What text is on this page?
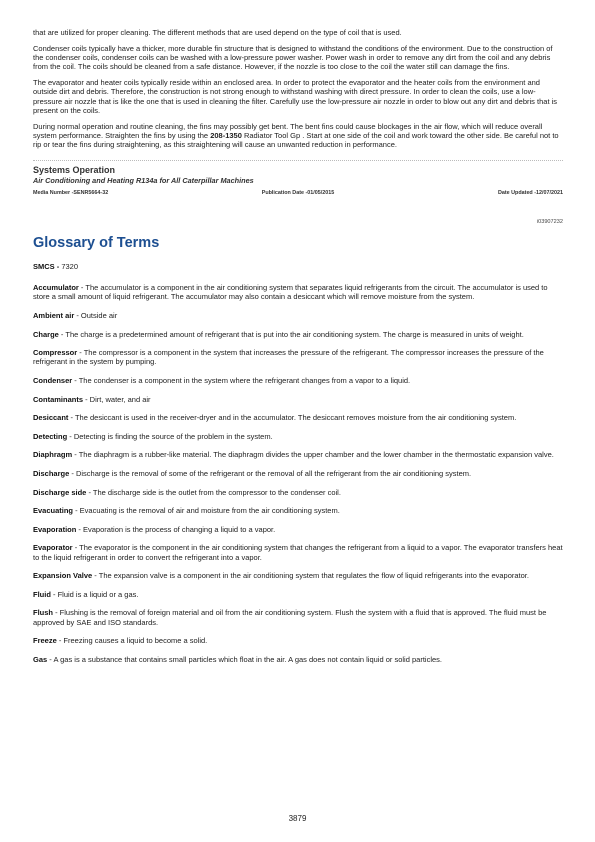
that are utilized for proper cleaning. The different methods that are used depend on the type of coil that is used.

Condenser coils typically have a thicker, more durable fin structure that is designed to withstand the conditions of the environment. Due to the construction of the condenser coils, condenser coils can be washed with a low-pressure power washer. Power wash in order to remove any dirt from the coil and any debris from the coil. The coils should be cleaned from a safe distance. However, if the nozzle is too close to the coil the water still can damage the fins.

The evaporator and heater coils typically reside within an enclosed area. In order to protect the evaporator and the heater coils from the environment and outside dirt and debris. Therefore, the construction is not strong enough to withstand washing with direct pressure. In order to clean the coils, use a low-pressure air nozzle that is like the one that is used in cleaning the filter. Carefully use the low-pressure air nozzle in order to blow out any dirt and debris that is present on the coils.

During normal operation and routine cleaning, the fins may possibly get bent. The bent fins could cause blockages in the air flow, which will reduce overall system performance. Straighten the fins by using the 208-1350 Radiator Tool Gp . Start at one side of the coil and work toward the other side. Be careful not to rip or tear the fins during straightening, as this straightening will cause an unwanted reduction in performance.

Systems Operation

Air Conditioning and Heating R134a for All Caterpillar Machines

Media Number -SENR5664-32	Publication Date -01/05/2015	Date Updated -12/07/2021
i03907232
Glossary of Terms

SMCS - 7320

Accumulator - The accumulator is a component in the air conditioning system that separates liquid refrigerants from the circuit. The accumulator is used to store a small amount of liquid refrigerant. The accumulator may also contain a desiccant which will remove moisture from the system.

Ambient air - Outside air

Charge - The charge is a predetermined amount of refrigerant that is put into the air conditioning system. The charge is measured in units of weight.

Compressor - The compressor is a component in the system that increases the pressure of the refrigerant. The compressor increases the pressure of the refrigerant in the system by pumping.

Condenser - The condenser is a component in the system where the refrigerant changes from a vapor to a liquid.

Contaminants - Dirt, water, and air

Desiccant - The desiccant is used in the receiver-dryer and in the accumulator. The desiccant removes moisture from the air conditioning system.

Detecting - Detecting is finding the source of the problem in the system.

Diaphragm - The diaphragm is a rubber-like material. The diaphragm divides the upper chamber and the lower chamber in the thermostatic expansion valve.

Discharge - Discharge is the removal of some of the refrigerant or the removal of all the refrigerant from the air conditioning system.

Discharge side - The discharge side is the outlet from the compressor to the condenser coil.

Evacuating - Evacuating is the removal of air and moisture from the air conditioning system.

Evaporation - Evaporation is the process of changing a liquid to a vapor.

Evaporator - The evaporator is the component in the air conditioning system that changes the refrigerant from a liquid to a vapor. The evaporator transfers heat to the liquid refrigerant in order to convert the refrigerant into a vapor.

Expansion Valve - The expansion valve is a component in the air conditioning system that regulates the flow of liquid refrigerants into the evaporator.

Fluid - Fluid is a liquid or a gas.

Flush - Flushing is the removal of foreign material and oil from the air conditioning system. Flush the system with a fluid that is approved. The fluid must be approved by SAE and ISO standards.

Freeze - Freezing causes a liquid to become a solid.

Gas - A gas is a substance that contains small particles which float in the air. A gas does not contain liquid or solid particles.

3879
